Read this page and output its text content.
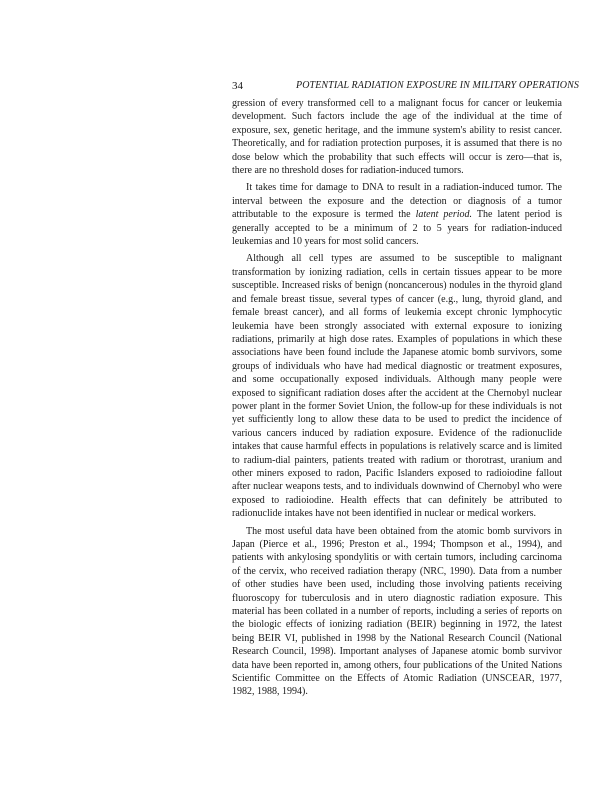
34	POTENTIAL RADIATION EXPOSURE IN MILITARY OPERATIONS

gression of every transformed cell to a malignant focus for cancer or leukemia development. Such factors include the age of the individual at the time of exposure, sex, genetic heritage, and the immune system's ability to resist cancer. Theoretically, and for radiation protection purposes, it is assumed that there is no dose below which the probability that such effects will occur is zero—that is, there are no threshold doses for radiation-induced tumors.

It takes time for damage to DNA to result in a radiation-induced tumor. The interval between the exposure and the detection or diagnosis of a tumor attributable to the exposure is termed the latent period. The latent period is generally accepted to be a minimum of 2 to 5 years for radiation-induced leukemias and 10 years for most solid cancers.

Although all cell types are assumed to be susceptible to malignant transformation by ionizing radiation, cells in certain tissues appear to be more susceptible. Increased risks of benign (noncancerous) nodules in the thyroid gland and female breast tissue, several types of cancer (e.g., lung, thyroid gland, and female breast cancer), and all forms of leukemia except chronic lymphocytic leukemia have been strongly associated with external exposure to ionizing radiations, primarily at high dose rates. Examples of populations in which these associations have been found include the Japanese atomic bomb survivors, some groups of individuals who have had medical diagnostic or treatment exposures, and some occupationally exposed individuals. Although many people were exposed to significant radiation doses after the accident at the Chernobyl nuclear power plant in the former Soviet Union, the follow-up for these individuals is not yet sufficiently long to allow these data to be used to predict the incidence of various cancers induced by radiation exposure. Evidence of the radionuclide intakes that cause harmful effects in populations is relatively scarce and is limited to radium-dial painters, patients treated with radium or thorotrast, uranium and other miners exposed to radon, Pacific Islanders exposed to radioiodine fallout after nuclear weapons tests, and to individuals downwind of Chernobyl who were exposed to radioiodine. Health effects that can definitely be attributed to radionuclide intakes have not been identified in nuclear or medical workers.

The most useful data have been obtained from the atomic bomb survivors in Japan (Pierce et al., 1996; Preston et al., 1994; Thompson et al., 1994), and patients with ankylosing spondylitis or with certain tumors, including carcinoma of the cervix, who received radiation therapy (NRC, 1990). Data from a number of other studies have been used, including those involving patients receiving fluoroscopy for tuberculosis and in utero diagnostic radiation exposure. This material has been collated in a number of reports, including a series of reports on the biologic effects of ionizing radiation (BEIR) beginning in 1972, the latest being BEIR VI, published in 1998 by the National Research Council (National Research Council, 1998). Important analyses of Japanese atomic bomb survivor data have been reported in, among others, four publications of the United Nations Scientific Committee on the Effects of Atomic Radiation (UNSCEAR, 1977, 1982, 1988, 1994).
